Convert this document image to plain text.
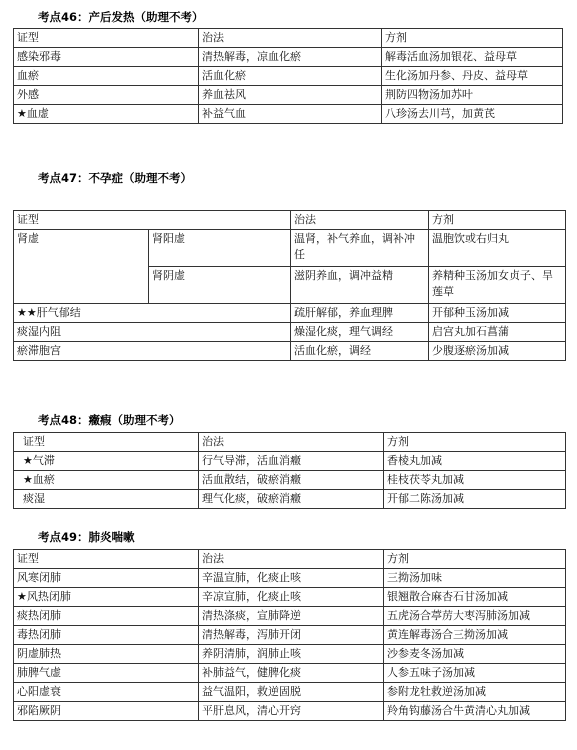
考点46：产后发热（助理不考）
证型	治法	方剂
感染邪毒	清热解毒，凉血化瘀	解毒活血汤加银花、益母草
血瘀	活血化瘀	生化汤加丹参、丹皮、益母草
外感	养血祛风	荆防四物汤加苏叶
★血虚	补益气血	八珍汤去川芎，加黄芪
考点47：不孕症（助理不考）
证型		治法	方剂
肾虚	肾阳虚	温肾，补气养血，调补冲任	温胞饮或右归丸
	肾阴虚	滋阴养血，调冲益精	养精种玉汤加女贞子、旱莲草
★★肝气郁结		疏肝解郁，养血理脾	开郁种玉汤加减
痰湿内阻		燥湿化痰，理气调经	启宫丸加石菖蒲
瘀滞胞宫		活血化瘀，调经	少腹逐瘀汤加减
考点48：癥瘕（助理不考）
证型	治法	方剂
★气滞	行气导滞，活血消癥	香棱丸加减
★血瘀	活血散结，破瘀消癥	桂枝茯苓丸加减
痰湿	理气化痰，破瘀消癥	开郁二陈汤加减
考点49：肺炎喘嗽
证型	治法	方剂
风寒闭肺	辛温宣肺，化痰止咳	三拗汤加味
★风热闭肺	辛凉宣肺，化痰止咳	银翘散合麻杏石甘汤加减
痰热闭肺	清热涤痰，宣肺降逆	五虎汤合葶苈大枣泻肺汤加减
毒热闭肺	清热解毒，泻肺开闭	黄连解毒汤合三拗汤加减
阴虚肺热	养阴清肺，润肺止咳	沙参麦冬汤加减
肺脾气虚	补肺益气，健脾化痰	人参五味子汤加减
心阳虚衰	益气温阳，救逆固脱	参附龙牡救逆汤加减
邪陷厥阴	平肝息风，清心开窍	羚角钩藤汤合牛黄清心丸加减
